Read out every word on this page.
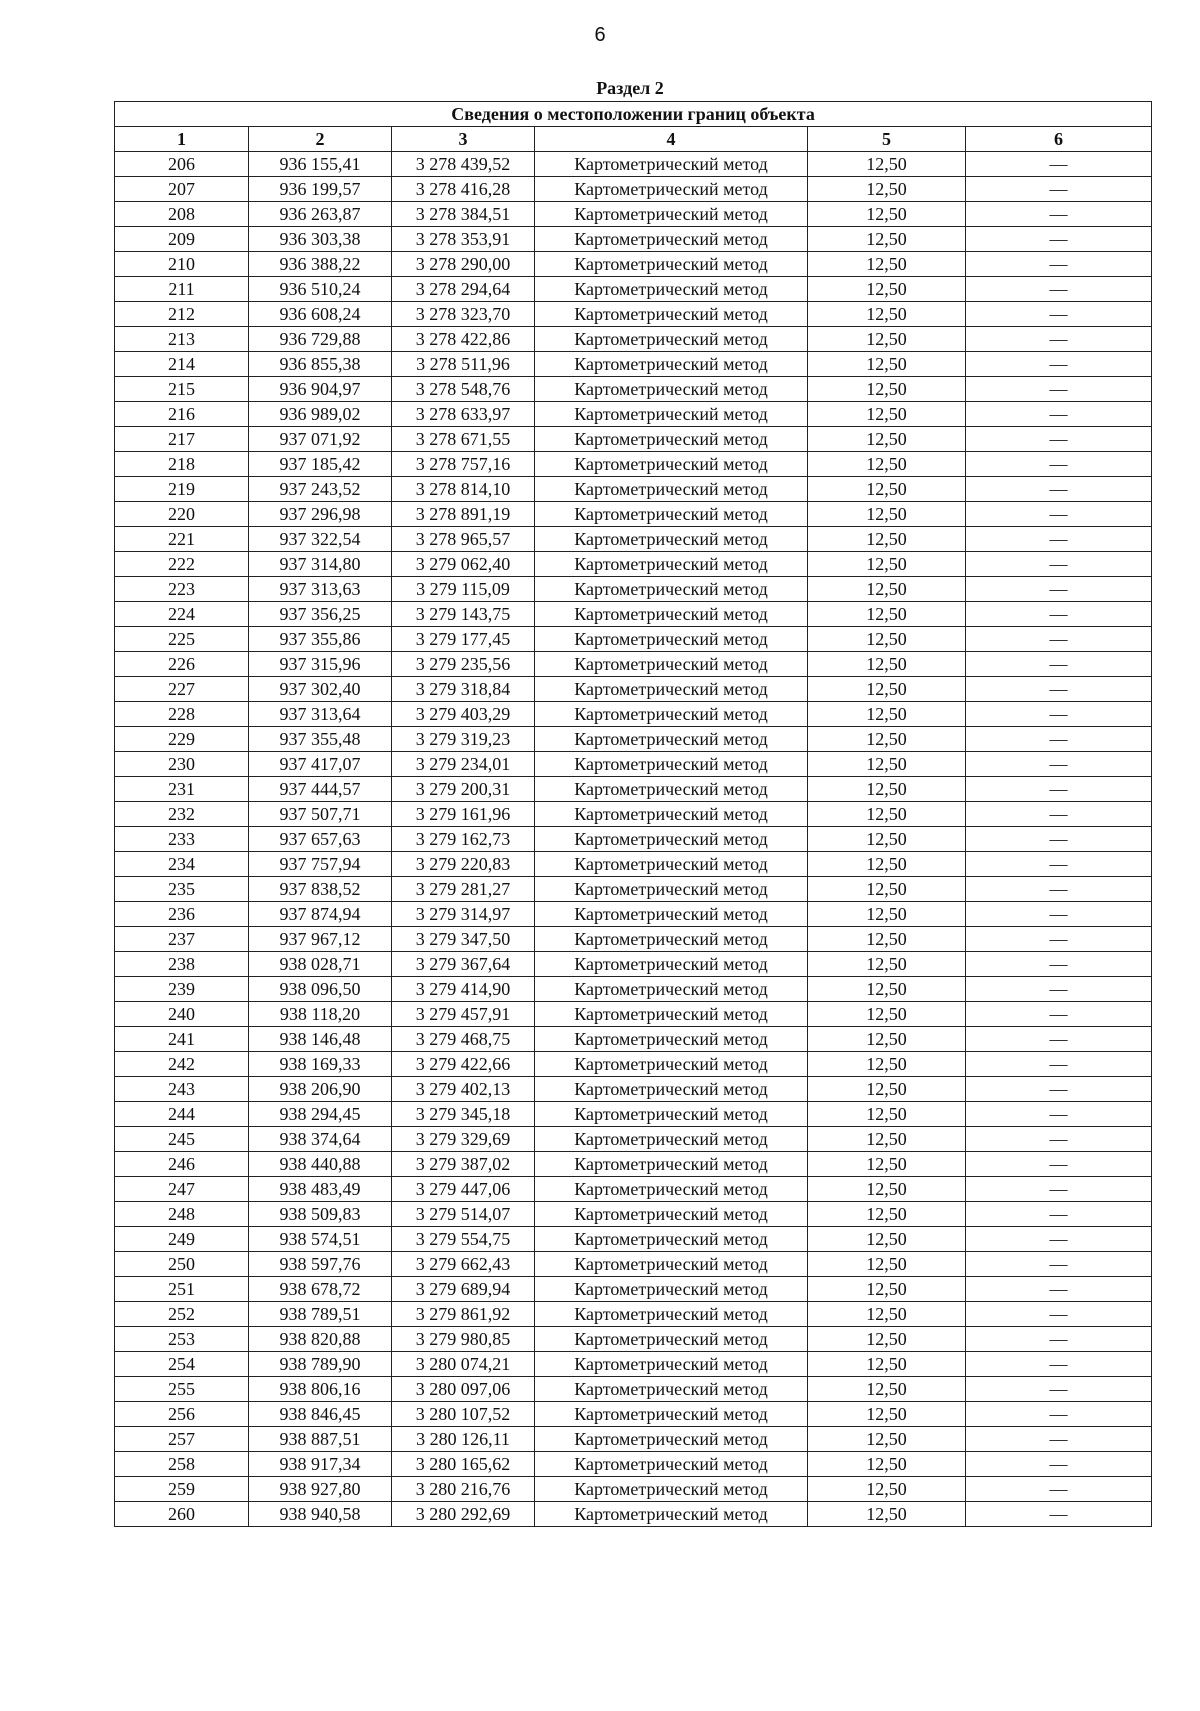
6
Раздел 2
Сведения о местоположении границ объекта					
1	2	3	4	5	6
206	936 155,41	3 278 439,52	Картометрический метод	12,50	—
207	936 199,57	3 278 416,28	Картометрический метод	12,50	—
208	936 263,87	3 278 384,51	Картометрический метод	12,50	—
209	936 303,38	3 278 353,91	Картометрический метод	12,50	—
210	936 388,22	3 278 290,00	Картометрический метод	12,50	—
211	936 510,24	3 278 294,64	Картометрический метод	12,50	—
212	936 608,24	3 278 323,70	Картометрический метод	12,50	—
213	936 729,88	3 278 422,86	Картометрический метод	12,50	—
214	936 855,38	3 278 511,96	Картометрический метод	12,50	—
215	936 904,97	3 278 548,76	Картометрический метод	12,50	—
216	936 989,02	3 278 633,97	Картометрический метод	12,50	—
217	937 071,92	3 278 671,55	Картометрический метод	12,50	—
218	937 185,42	3 278 757,16	Картометрический метод	12,50	—
219	937 243,52	3 278 814,10	Картометрический метод	12,50	—
220	937 296,98	3 278 891,19	Картометрический метод	12,50	—
221	937 322,54	3 278 965,57	Картометрический метод	12,50	—
222	937 314,80	3 279 062,40	Картометрический метод	12,50	—
223	937 313,63	3 279 115,09	Картометрический метод	12,50	—
224	937 356,25	3 279 143,75	Картометрический метод	12,50	—
225	937 355,86	3 279 177,45	Картометрический метод	12,50	—
226	937 315,96	3 279 235,56	Картометрический метод	12,50	—
227	937 302,40	3 279 318,84	Картометрический метод	12,50	—
228	937 313,64	3 279 403,29	Картометрический метод	12,50	—
229	937 355,48	3 279 319,23	Картометрический метод	12,50	—
230	937 417,07	3 279 234,01	Картометрический метод	12,50	—
231	937 444,57	3 279 200,31	Картометрический метод	12,50	—
232	937 507,71	3 279 161,96	Картометрический метод	12,50	—
233	937 657,63	3 279 162,73	Картометрический метод	12,50	—
234	937 757,94	3 279 220,83	Картометрический метод	12,50	—
235	937 838,52	3 279 281,27	Картометрический метод	12,50	—
236	937 874,94	3 279 314,97	Картометрический метод	12,50	—
237	937 967,12	3 279 347,50	Картометрический метод	12,50	—
238	938 028,71	3 279 367,64	Картометрический метод	12,50	—
239	938 096,50	3 279 414,90	Картометрический метод	12,50	—
240	938 118,20	3 279 457,91	Картометрический метод	12,50	—
241	938 146,48	3 279 468,75	Картометрический метод	12,50	—
242	938 169,33	3 279 422,66	Картометрический метод	12,50	—
243	938 206,90	3 279 402,13	Картометрический метод	12,50	—
244	938 294,45	3 279 345,18	Картометрический метод	12,50	—
245	938 374,64	3 279 329,69	Картометрический метод	12,50	—
246	938 440,88	3 279 387,02	Картометрический метод	12,50	—
247	938 483,49	3 279 447,06	Картометрический метод	12,50	—
248	938 509,83	3 279 514,07	Картометрический метод	12,50	—
249	938 574,51	3 279 554,75	Картометрический метод	12,50	—
250	938 597,76	3 279 662,43	Картометрический метод	12,50	—
251	938 678,72	3 279 689,94	Картометрический метод	12,50	—
252	938 789,51	3 279 861,92	Картометрический метод	12,50	—
253	938 820,88	3 279 980,85	Картометрический метод	12,50	—
254	938 789,90	3 280 074,21	Картометрический метод	12,50	—
255	938 806,16	3 280 097,06	Картометрический метод	12,50	—
256	938 846,45	3 280 107,52	Картометрический метод	12,50	—
257	938 887,51	3 280 126,11	Картометрический метод	12,50	—
258	938 917,34	3 280 165,62	Картометрический метод	12,50	—
259	938 927,80	3 280 216,76	Картометрический метод	12,50	—
260	938 940,58	3 280 292,69	Картометрический метод	12,50	—
